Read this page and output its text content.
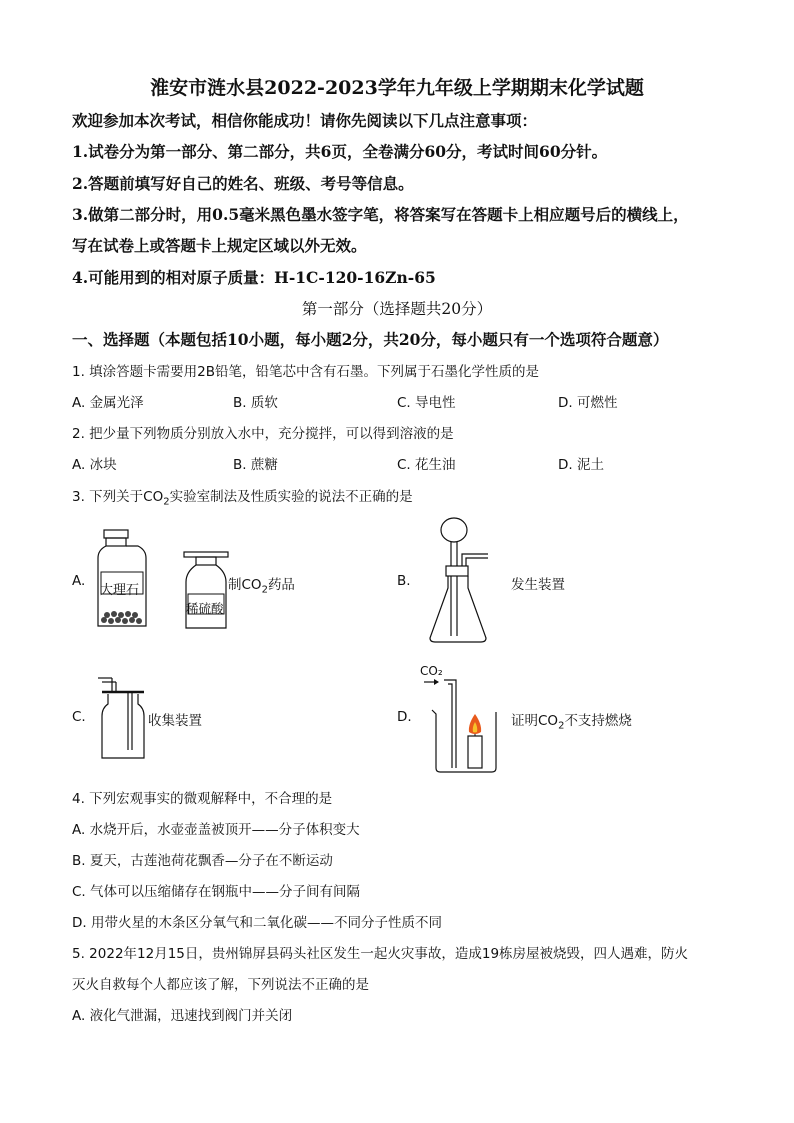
淮安市涟水县2022-2023学年九年级上学期期末化学试题
欢迎参加本次考试，相信你能成功！请你先阅读以下几点注意事项：
1.试卷分为第一部分、第二部分，共6页，全卷满分60分，考试时间60分针。
2.答题前填写好自己的姓名、班级、考号等信息。
3.做第二部分时，用0.5毫米黑色墨水签字笔，将答案写在答题卡上相应题号后的横线上，
写在试卷上或答题卡上规定区域以外无效。
4.可能用到的相对原子质量：H-1C-120-16Zn-65
第一部分（选择题共20分）
一、选择题（本题包括10小题，每小题2分，共20分，每小题只有一个选项符合题意）
1. 填涂答题卡需要用2B铅笔，铅笔芯中含有石墨。下列属于石墨化学性质的是
A. 金属光泽	B. 质软	C. 导电性	D. 可燃性
2. 把少量下列物质分别放入水中，充分搅拌，可以得到溶液的是
A. 冰块	B. 蔗糖	C. 花生油	D. 泥土
3. 下列关于$CO_2$实验室制法及性质实验的说法不正确的是
A.
大理石
稀硫酸
制$CO_2$药品	B.	发生装置
C.	收集装置	D.
CO₂
证明$CO_2$不支持燃烧
4. 下列宏观事实的微观解释中，不合理的是
A. 水烧开后，水壶壶盖被顶开——分子体积变大
B. 夏天，古莲池荷花飘香—分子在不断运动
C. 气体可以压缩储存在钢瓶中——分子间有间隔
D. 用带火星的木条区分氧气和二氧化碳——不同分子性质不同
5. 2022年12月15日，贵州锦屏县码头社区发生一起火灾事故，造成19栋房屋被烧毁，四人遇难，防火
灭火自救每个人都应该了解，下列说法不正确的是
A. 液化气泄漏，迅速找到阀门并关闭
